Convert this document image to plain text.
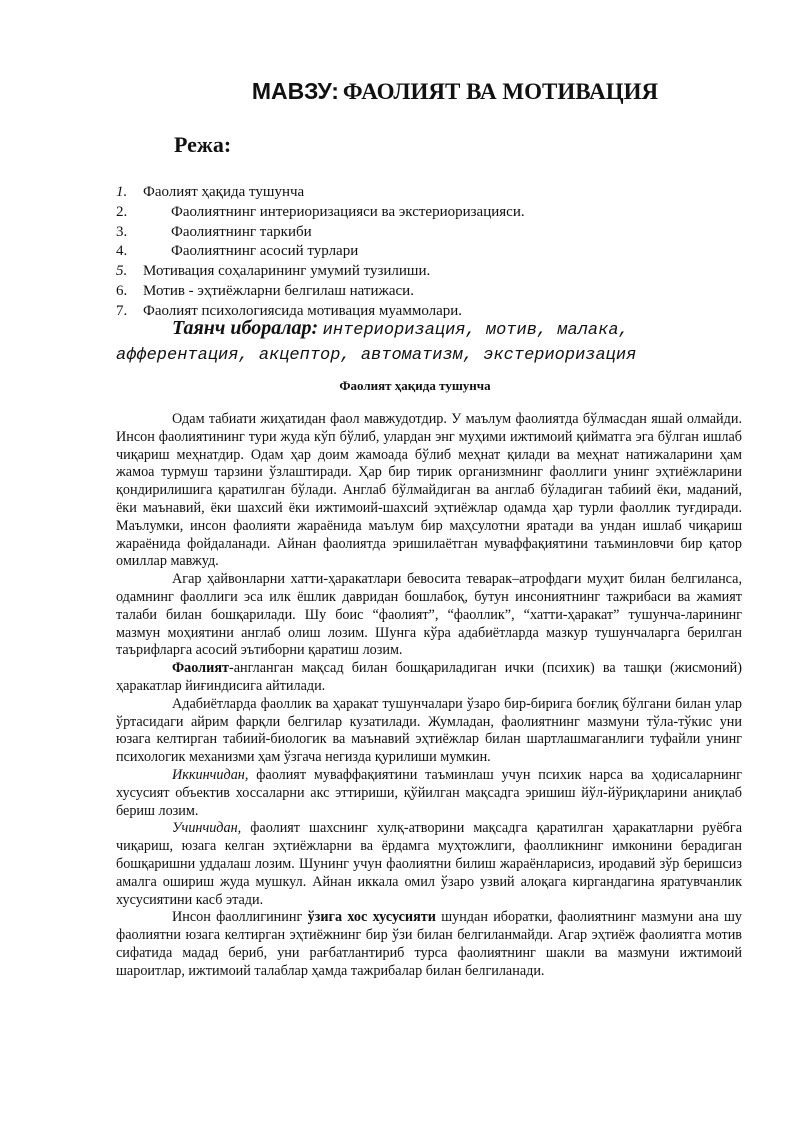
МАВЗУ: ФАОЛИЯТ ВА МОТИВАЦИЯ
Режа:
1. Фаолият ҳақида тушунча
2.	Фаолиятнинг интериоризацияси ва экстериоризацияси.
3.	Фаолиятнинг таркиби
4.	Фаолиятнинг асосий турлари
5. Мотивация соҳаларининг умумий тузилиши.
6. Мотив - эҳтиёжларни белгилаш натижаси.
7. Фаолият психологиясида мотивация муаммолари.
Таянч иборалар: интериоризация, мотив, малака, афферентация, акцептор, автоматизм, экстериоризация
Фаолият ҳақида тушунча

Одам табиати жиҳатидан фаол мавжудотдир. У маълум фаолиятда бўлмасдан яшай олмайди. Инсон фаолиятининг тури жуда кўп бўлиб, улардан энг муҳими ижтимоий қийматга эга бўлган ишлаб чиқариш меҳнатдир. Одам ҳар доим жамоада бўлиб меҳнат қилади ва меҳнат натижаларини ҳам жамоа турмуш тарзини ўзлаштиради. Ҳар бир тирик организмнинг фаоллиги унинг эҳтиёжларини қондирилишига қаратилган бўлади. Англаб бўлмайдиган ва англаб бўладиган табиий ёки, маданий, ёки маънавий, ёки шахсий ёки ижтимоий-шахсий эҳтиёжлар одамда ҳар турли фаоллик туғдиради. Маълумки, инсон фаолияти жараёнида маълум бир маҳсулотни яратади ва ундан ишлаб чиқариш жараёнида фойдаланади. Айнан фаолиятда эришилаётган муваффақиятини таъминловчи бир қатор омиллар мавжуд.

Агар ҳайвонларни хатти-ҳаракатлари бевосита теварак–атрофдаги муҳит билан белгиланса, одамнинг фаоллиги эса илк ёшлик давридан бошлабоқ, бутун инсониятнинг тажрибаси ва жамият талаби билан бошқарилади. Шу боис “фаолият”, “фаоллик”, “хатти-ҳаракат” тушунча-ларининг мазмун моҳиятини англаб олиш лозим. Шунга кўра адабиётларда мазкур тушунчаларга берилган таърифларга асосий эътиборни қаратиш лозим.

Фаолият-англанган мақсад билан бошқариладиган ички (психик) ва ташқи (жисмоний) ҳаракатлар йиғиндисига айтилади.

Адабиётларда фаоллик ва ҳаракат тушунчалари ўзаро бир-бирига боғлиқ бўлгани билан улар ўртасидаги айрим фарқли белгилар кузатилади. Жумладан, фаолиятнинг мазмуни тўла-тўкис уни юзага келтирган табиий-биологик ва маънавий эҳтиёжлар билан шартлашмаганлиги туфайли унинг психологик механизми ҳам ўзгача негизда қурилиши мумкин.

Иккинчидан, фаолият муваффақиятини таъминлаш учун психик нарса ва ҳодисаларнинг хусусият объектив хоссаларни акс эттириши, қўйилган мақсадга эришиш йўл-йўриқларини аниқлаб бериш лозим.

Учинчидан, фаолият шахснинг хулқ-атворини мақсадга қаратилган ҳаракатларни руёбга чиқариш, юзага келган эҳтиёжларни ва ёрдамга муҳтожлиги, фаолликнинг имконини берадиган бошқаришни уддалаш лозим. Шунинг учун фаолиятни билиш жараёнларисиз, иродавий зўр беришсиз амалга ошириш жуда мушкул. Айнан иккала омил ўзаро узвий алоқага киргандагина яратувчанлик хусусиятини касб этади.

Инсон фаоллигининг ўзига хос хусусияти шундан иборатки, фаолиятнинг мазмуни ана шу фаолиятни юзага келтирган эҳтиёжнинг бир ўзи билан белгиланмайди. Агар эҳтиёж фаолиятга мотив сифатида мадад бериб, уни рағбатлантириб турса фаолиятнинг шакли ва мазмуни ижтимоий шароитлар, ижтимоий талаблар ҳамда тажрибалар билан белгиланади.
